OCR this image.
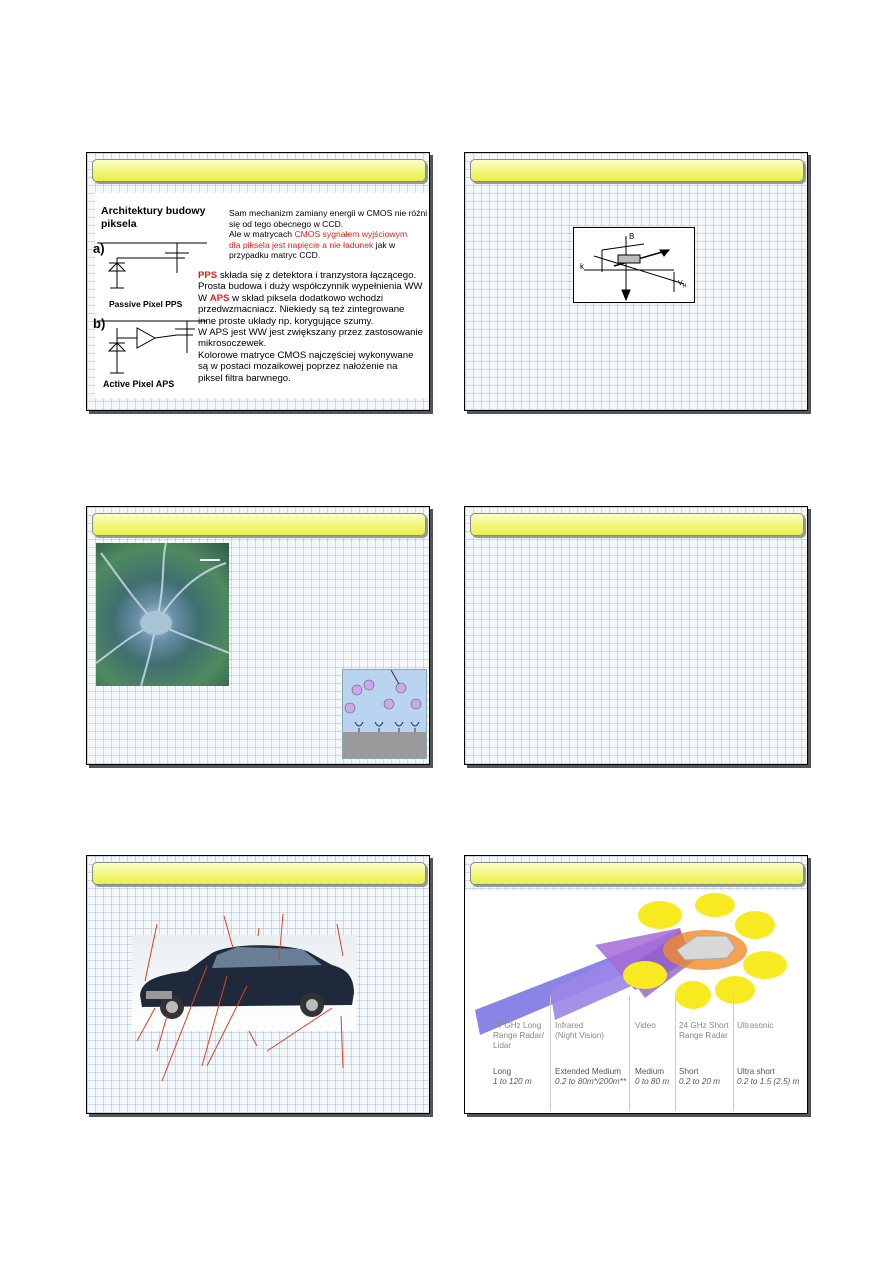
Architektury budowy
piksela
a)
b)
Passive Pixel PPS
Active Pixel APS
Sam mechanizm zamiany energii w CMOS nie różni
się od tego obecnego w CCD.
Ale w matrycach CMOS sygnałem wyjściowym
dla piksela jest napięcie a nie ładunek jak w
przypadku matryc CCD.
PPS składa się z detektora i tranzystora łączącego.
Prosta budowa i duży współczynnik wypełnienia WW
W APS w skład piksela dodatkowo wchodzi
przedwzmacniacz. Niekiedy są też zintegrowane
inne proste układy np. korygujące szumy.
W APS jest WW jest zwiększany przez zastosowanie
mikrosoczewek.
Kolorowe matryce CMOS najczęściej wykonywane
są w postaci mozaikowej poprzez nałożenie na
piksel filtra barwnego.
B
k
$V_H$
77 GHz Long
Range Radar/
Lidar
Long
1 to 120 m
Infrared
(Night Vision)
Extended Medium
0.2 to 80m*/200m**
Video
Medium
0 to 80 m
24 GHz Short
Range Radar
Short
0.2 to 20 m
Ultrasonic
Ultra short
0.2 to 1.5 (2.5) m
